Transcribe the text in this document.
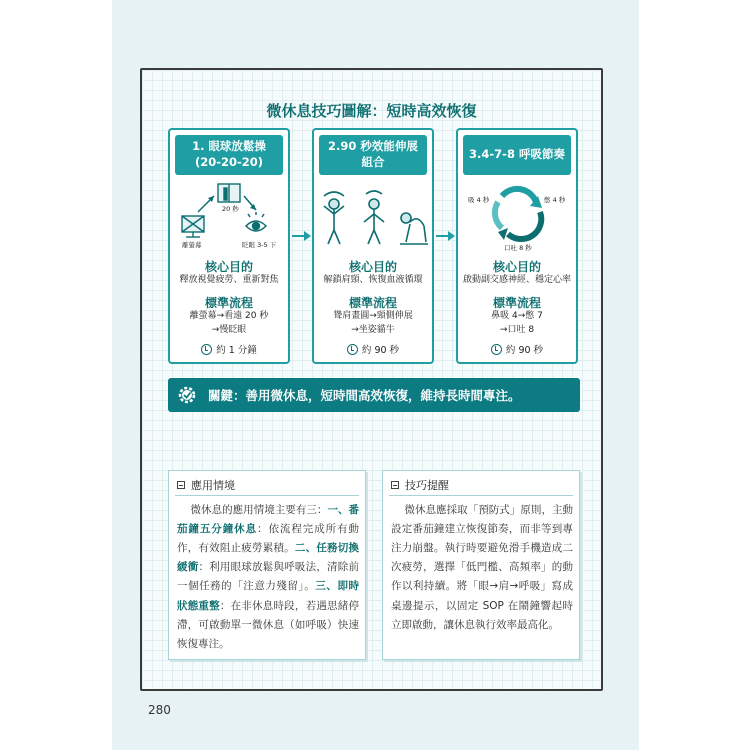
微休息技巧圖解：短時高效恢復
1. 眼球放鬆操
(20-20-20)
20 秒
離螢幕	眨眼 3-5 下
核心目的
釋放視覺疲勞、重新對焦
標準流程
離螢幕→看遠 20 秒
→慢眨眼
約 1 分鐘
2.90 秒效能伸展
組合
核心目的
解鎖肩頸、恢復血液循環
標準流程
聳肩畫圓→頸側伸展
→坐姿貓牛
約 90 秒
3.4-7-8 呼吸節奏
吸 4 秒	憋 4 秒
口吐 8 秒
核心目的
啟動副交感神經、穩定心率
標準流程
鼻吸 4→憋 7
→口吐 8
約 90 秒
關鍵：善用微休息，短時間高效恢復，維持長時間專注。
應用情境
微休息的應用情境主要有三：一、番茄鐘五分鐘休息：依流程完成所有動作，有效阻止疲勞累積。二、任務切換緩衝：利用眼球放鬆與呼吸法，清除前一個任務的「注意力殘留」。三、即時狀態重整：在非休息時段，若遇思緒停滯，可啟動單一微休息（如呼吸）快速恢復專注。
技巧提醒
微休息應採取「預防式」原則，主動設定番茄鐘建立恢復節奏，而非等到專注力崩盤。執行時要避免滑手機造成二次疲勞，選擇「低門檻、高頻率」的動作以利持續。將「眼→肩→呼吸」寫成桌邊提示，以固定 SOP 在鬧鐘響起時立即啟動，讓休息執行效率最高化。
280
